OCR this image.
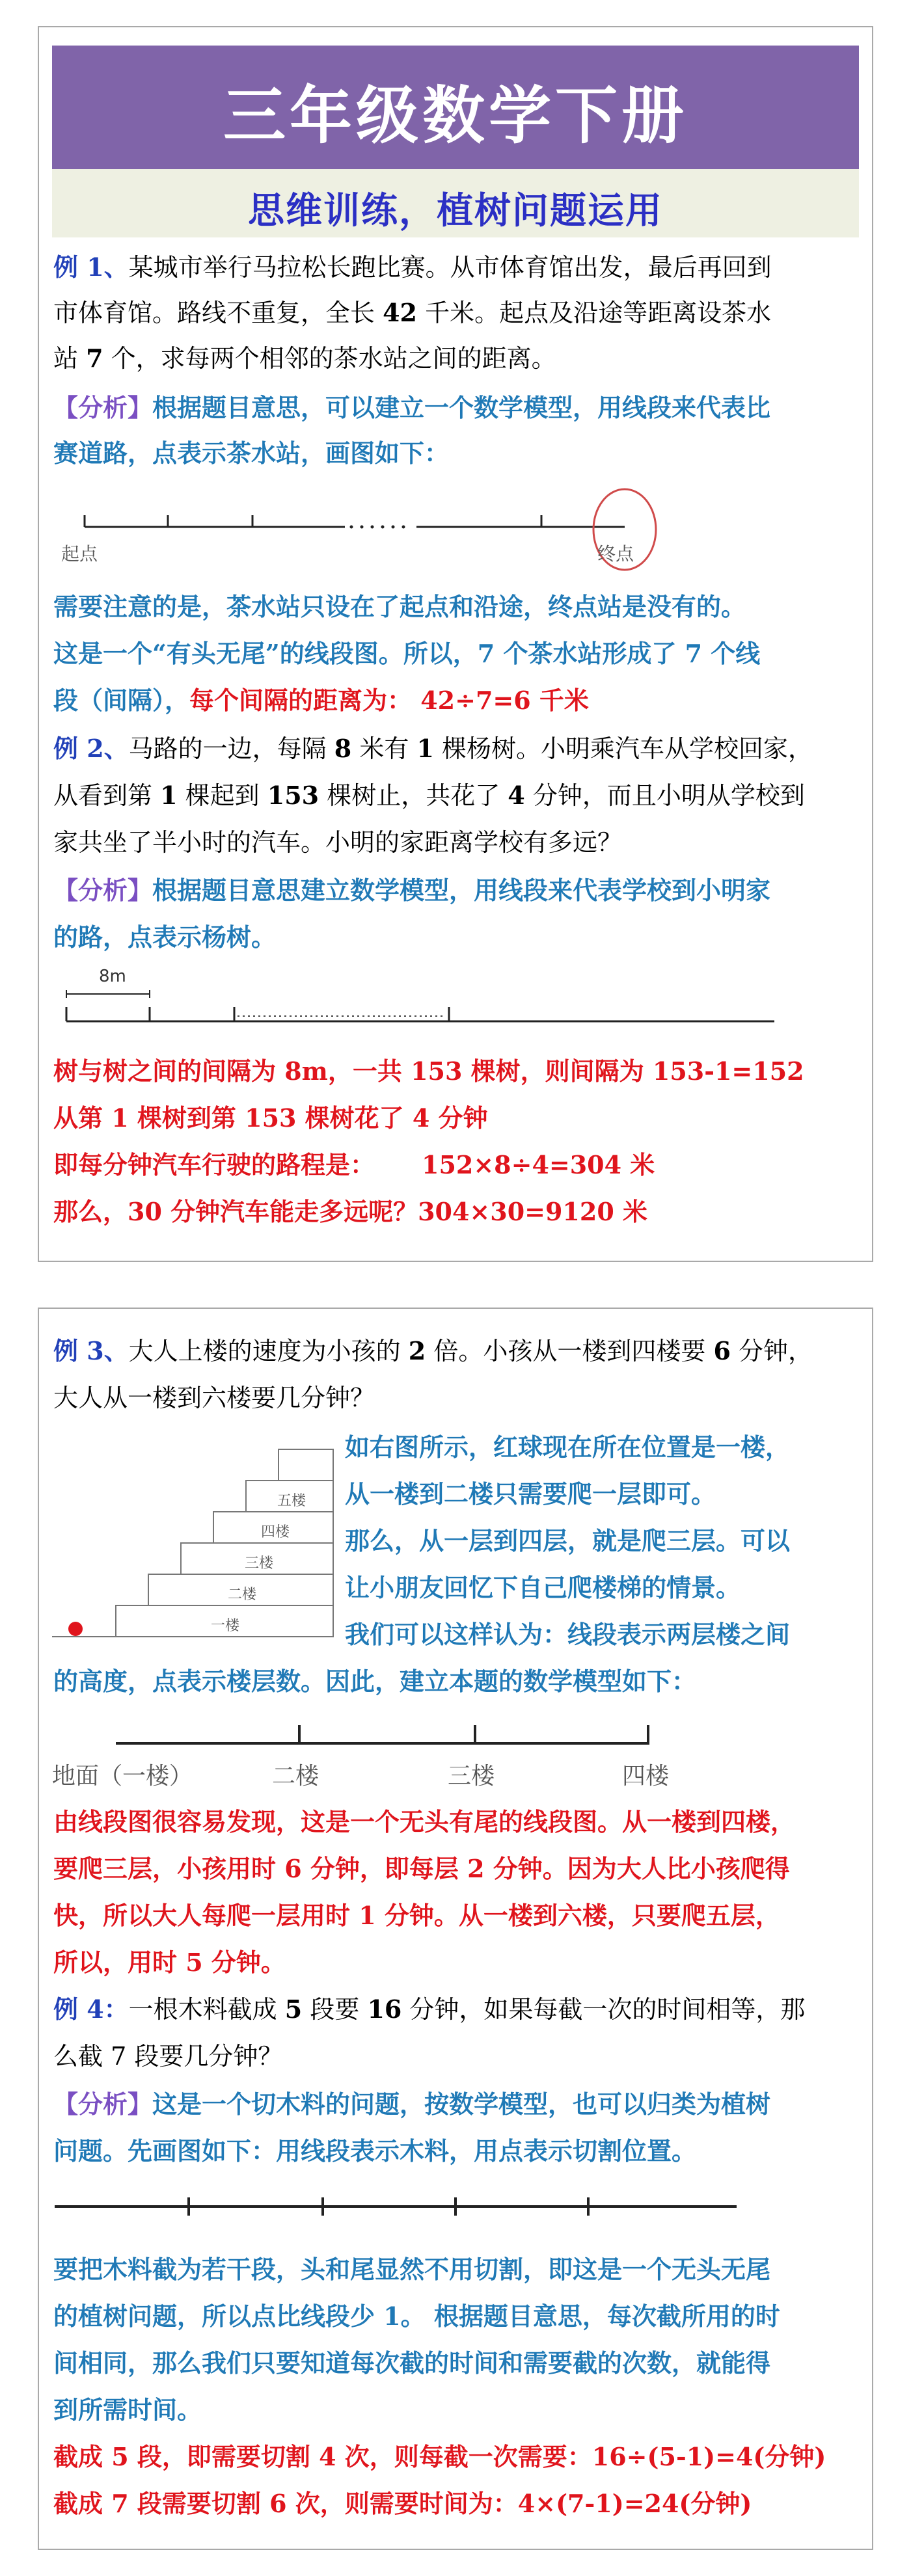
三年级数学下册
思维训练，植树问题运用
例 1、某城市举行马拉松长跑比赛。从市体育馆出发，最后再回到
市体育馆。路线不重复，全长 42 千米。起点及沿途等距离设茶水
站 7 个，求每两个相邻的茶水站之间的距离。
【分析】根据题目意思，可以建立一个数学模型，用线段来代表比
赛道路，点表示茶水站，画图如下：
起点	终点
需要注意的是，茶水站只设在了起点和沿途，终点站是没有的。
这是一个“有头无尾”的线段图。所以，7 个茶水站形成了 7 个线
段（间隔），每个间隔的距离为： 42÷7=6 千米
例 2、马路的一边，每隔 8 米有 1 棵杨树。小明乘汽车从学校回家，
从看到第 1 棵起到 153 棵树止，共花了 4 分钟，而且小明从学校到
家共坐了半小时的汽车。小明的家距离学校有多远？
【分析】根据题目意思建立数学模型，用线段来代表学校到小明家
的路，点表示杨树。
8m
树与树之间的间隔为 8m，一共 153 棵树，则间隔为 153-1=152
从第 1 棵树到第 153 棵树花了 4 分钟
即每分钟汽车行驶的路程是： 152×8÷4=304 米
那么，30 分钟汽车能走多远呢？304×30=9120 米
例 3、大人上楼的速度为小孩的 2 倍。小孩从一楼到四楼要 6 分钟，
大人从一楼到六楼要几分钟？
一楼
二楼
三楼
四楼
五楼
如右图所示，红球现在所在位置是一楼，
从一楼到二楼只需要爬一层即可。
那么，从一层到四层，就是爬三层。可以
让小朋友回忆下自己爬楼梯的情景。
我们可以这样认为：线段表示两层楼之间
的高度，点表示楼层数。因此，建立本题的数学模型如下：
地面（一楼）	二楼	三楼	四楼
由线段图很容易发现，这是一个无头有尾的线段图。从一楼到四楼，
要爬三层，小孩用时 6 分钟，即每层 2 分钟。因为大人比小孩爬得
快，所以大人每爬一层用时 1 分钟。从一楼到六楼，只要爬五层，
所以，用时 5 分钟。
例 4：一根木料截成 5 段要 16 分钟，如果每截一次的时间相等，那
么截 7 段要几分钟？
【分析】这是一个切木料的问题，按数学模型，也可以归类为植树
问题。先画图如下：用线段表示木料，用点表示切割位置。
要把木料截为若干段，头和尾显然不用切割，即这是一个无头无尾
的植树问题，所以点比线段少 1。 根据题目意思，每次截所用的时
间相同，那么我们只要知道每次截的时间和需要截的次数，就能得
到所需时间。
截成 5 段，即需要切割 4 次，则每截一次需要：16÷(5-1)=4(分钟)
截成 7 段需要切割 6 次，则需要时间为：4×(7-1)=24(分钟)
